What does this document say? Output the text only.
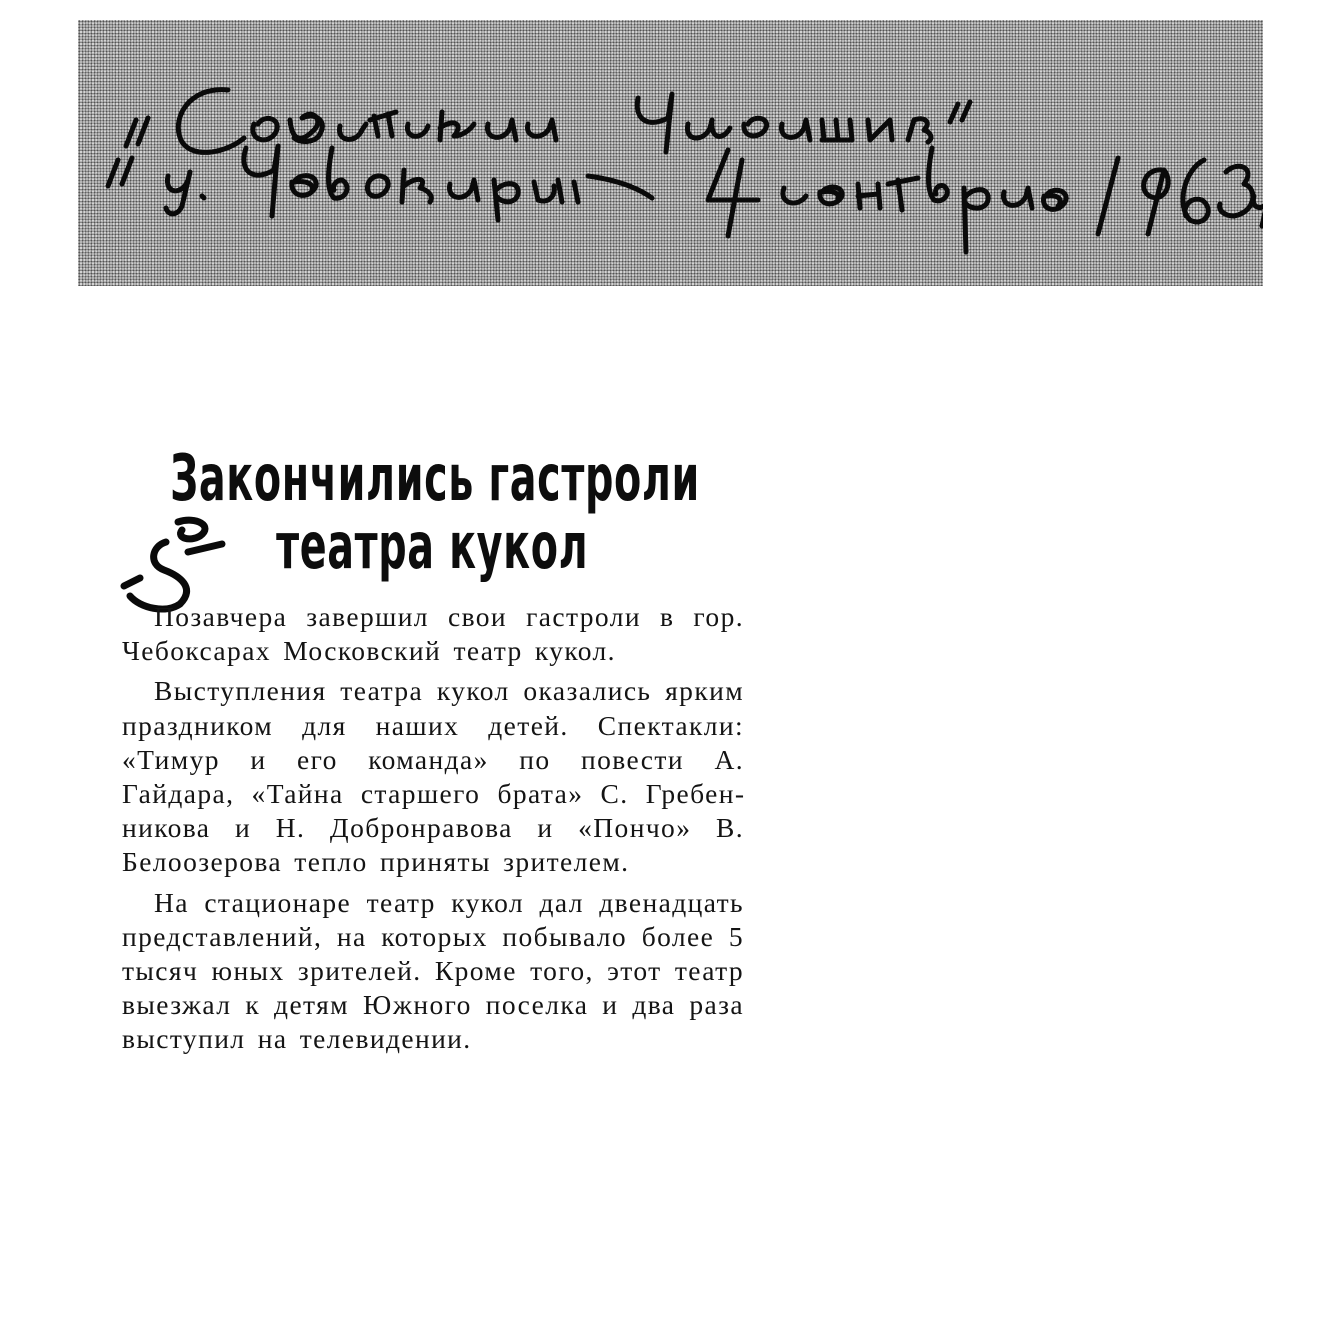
Закончились гастроли
театра кукол

Позавчера завершил свои гастроли в гор. Чебоксарах Московский театр кукол.

Выступления театра кукол оказались ярким праздником для наших детей. Спектакли: «Тимур и его команда» по повести А. Гайдара, «Тайна старшего брата» С. Гребенникова и Н. Добронравова и «Пончо» В. Белоозерова тепло приняты зрителем.

На стационаре театр кукол дал двенадцать представлений, на которых побывало более 5 тысяч юных зрителей. Кроме того, этот театр выезжал к детям Южного поселка и два раза выступил на телевидении.
